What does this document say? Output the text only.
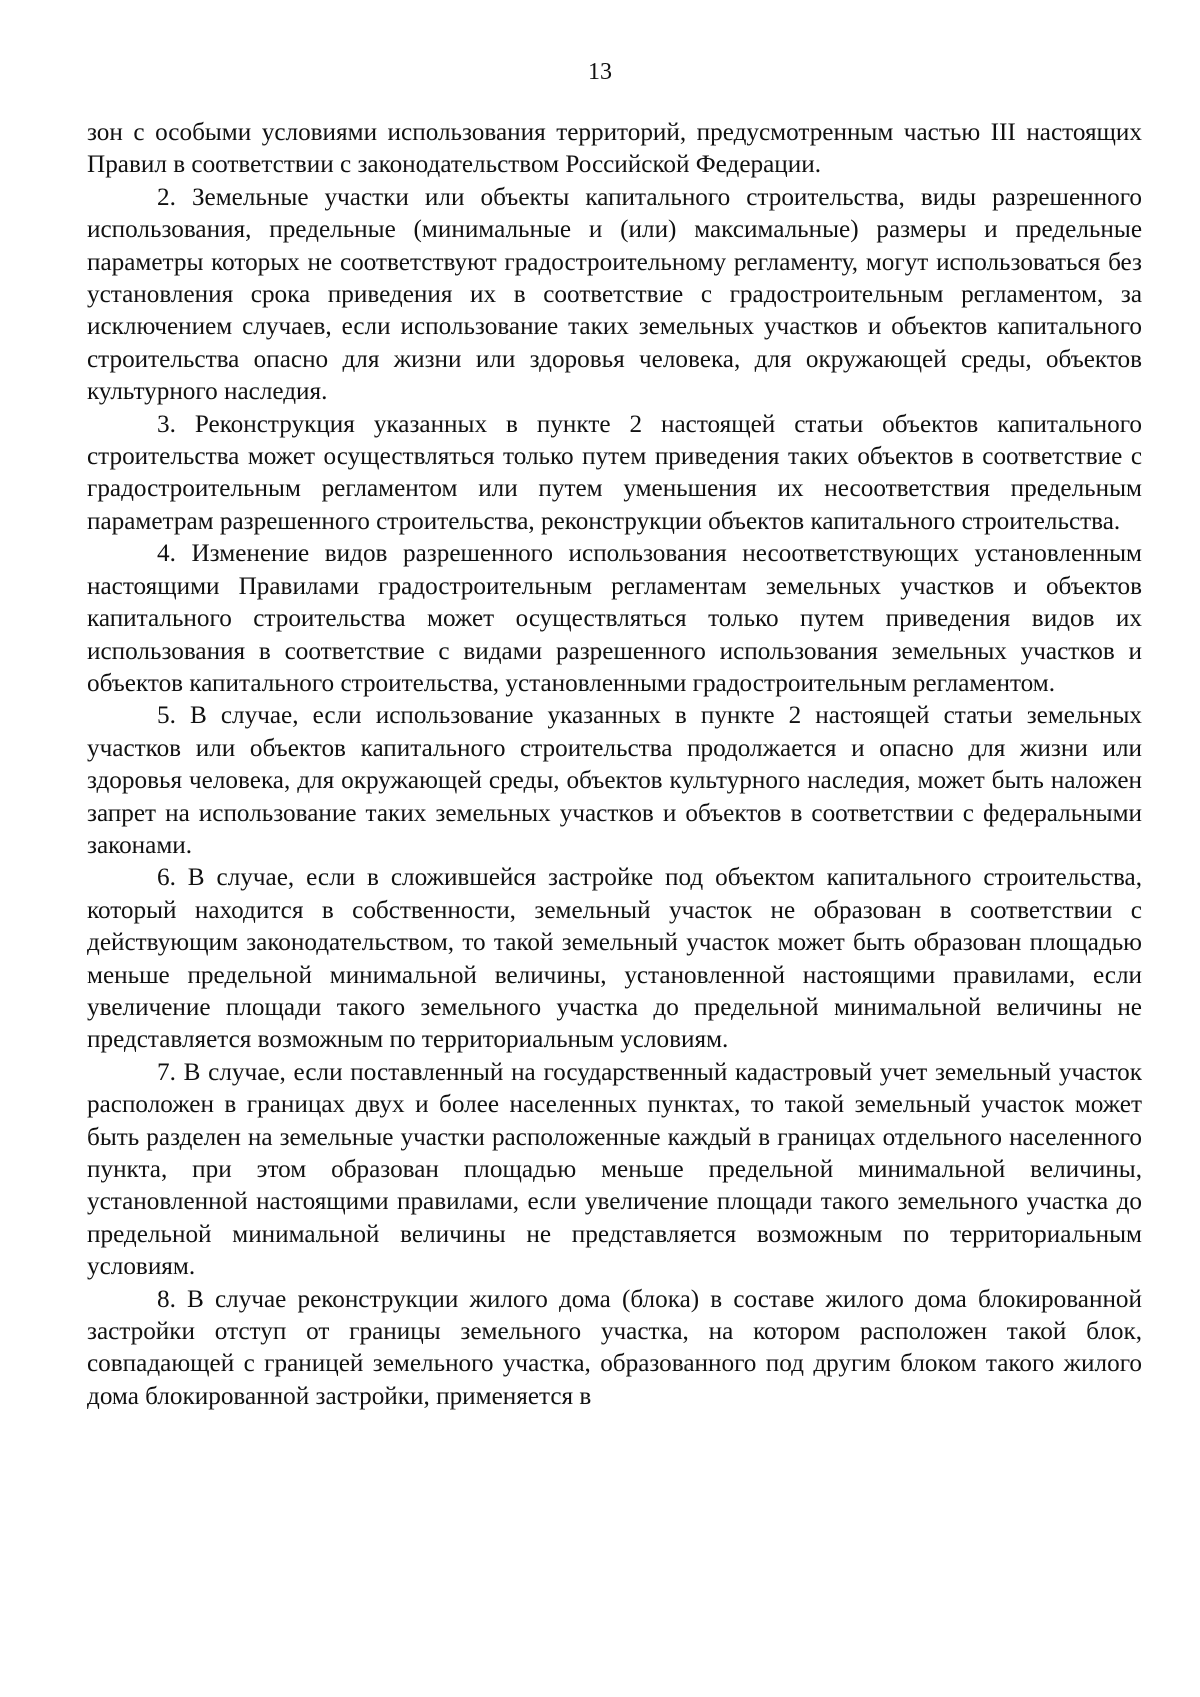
13

зон с особыми условиями использования территорий, предусмотренным частью III настоящих Правил в соответствии с законодательством Российской Федерации.

2. Земельные участки или объекты капитального строительства, виды разрешенного использования, предельные (минимальные и (или) максимальные) размеры и предельные параметры которых не соответствуют градостроительному регламенту, могут использоваться без установления срока приведения их в соответствие с градостроительным регламентом, за исключением случаев, если использование таких земельных участков и объектов капитального строительства опасно для жизни или здоровья человека, для окружающей среды, объектов культурного наследия.

3. Реконструкция указанных в пункте 2 настоящей статьи объектов капитального строительства может осуществляться только путем приведения таких объектов в соответствие с градостроительным регламентом или путем уменьшения их несоответствия предельным параметрам разрешенного строительства, реконструкции объектов капитального строительства.

4. Изменение видов разрешенного использования несоответствующих установленным настоящими Правилами градостроительным регламентам земельных участков и объектов капитального строительства может осуществляться только путем приведения видов их использования в соответствие с видами разрешенного использования земельных участков и объектов капитального строительства, установленными градостроительным регламентом.

5. В случае, если использование указанных в пункте 2 настоящей статьи земельных участков или объектов капитального строительства продолжается и опасно для жизни или здоровья человека, для окружающей среды, объектов культурного наследия, может быть наложен запрет на использование таких земельных участков и объектов в соответствии с федеральными законами.

6. В случае, если в сложившейся застройке под объектом капитального строительства, который находится в собственности, земельный участок не образован в соответствии с действующим законодательством, то такой земельный участок может быть образован площадью меньше предельной минимальной величины, установленной настоящими правилами, если увеличение площади такого земельного участка до предельной минимальной величины не представляется возможным по территориальным условиям.

7. В случае, если поставленный на государственный кадастровый учет земельный участок расположен в границах двух и более населенных пунктах, то такой земельный участок может быть разделен на земельные участки расположенные каждый в границах отдельного населенного пункта, при этом образован площадью меньше предельной минимальной величины, установленной настоящими правилами, если увеличение площади такого земельного участка до предельной минимальной величины не представляется возможным по территориальным условиям.

8. В случае реконструкции жилого дома (блока) в составе жилого дома блокированной застройки отступ от границы земельного участка, на котором расположен такой блок, совпадающей с границей земельного участка, образованного под другим блоком такого жилого дома блокированной застройки, применяется в
